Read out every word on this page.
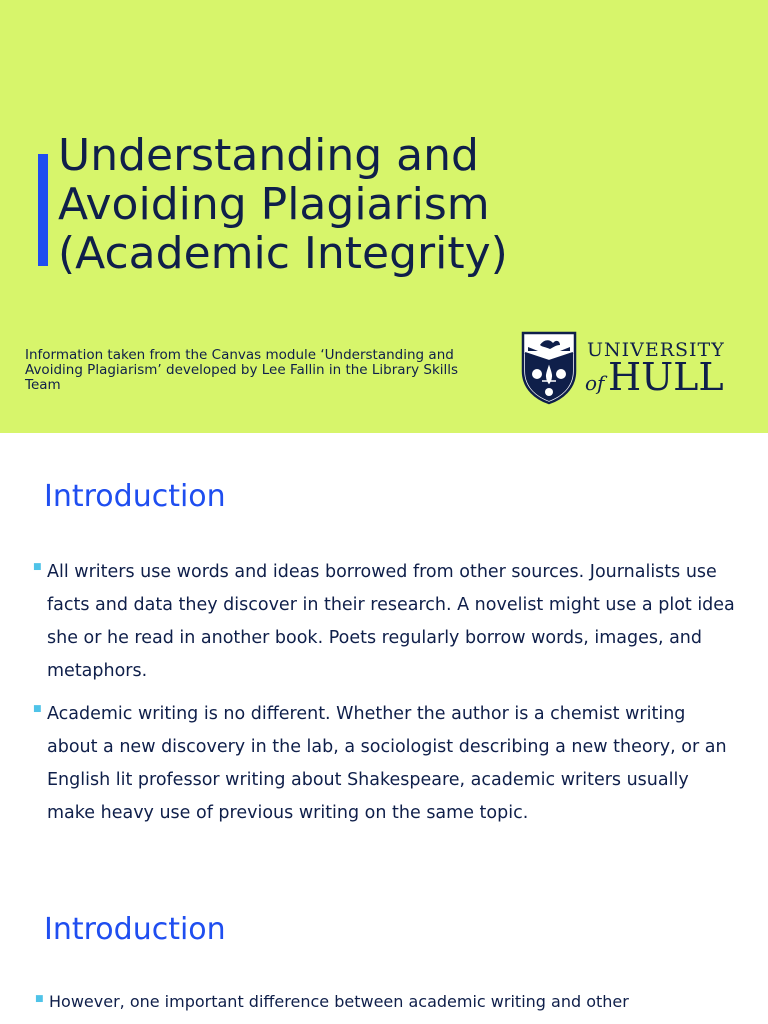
Understanding and
Avoiding Plagiarism
(Academic Integrity)

Information taken from the Canvas module ‘Understanding and Avoiding Plagiarism’ developed by Lee Fallin in the Library Skills Team

UNIVERSITY
of HULL
Introduction
■ All writers use words and ideas borrowed from other sources. Journalists use facts and data they discover in their research. A novelist might use a plot idea she or he read in another book. Poets regularly borrow words, images, and metaphors.
■ Academic writing is no different. Whether the author is a chemist writing about a new discovery in the lab, a sociologist describing a new theory, or an English lit professor writing about Shakespeare, academic writers usually make heavy use of previous writing on the same topic.
Introduction
■ However, one important difference between academic writing and other
